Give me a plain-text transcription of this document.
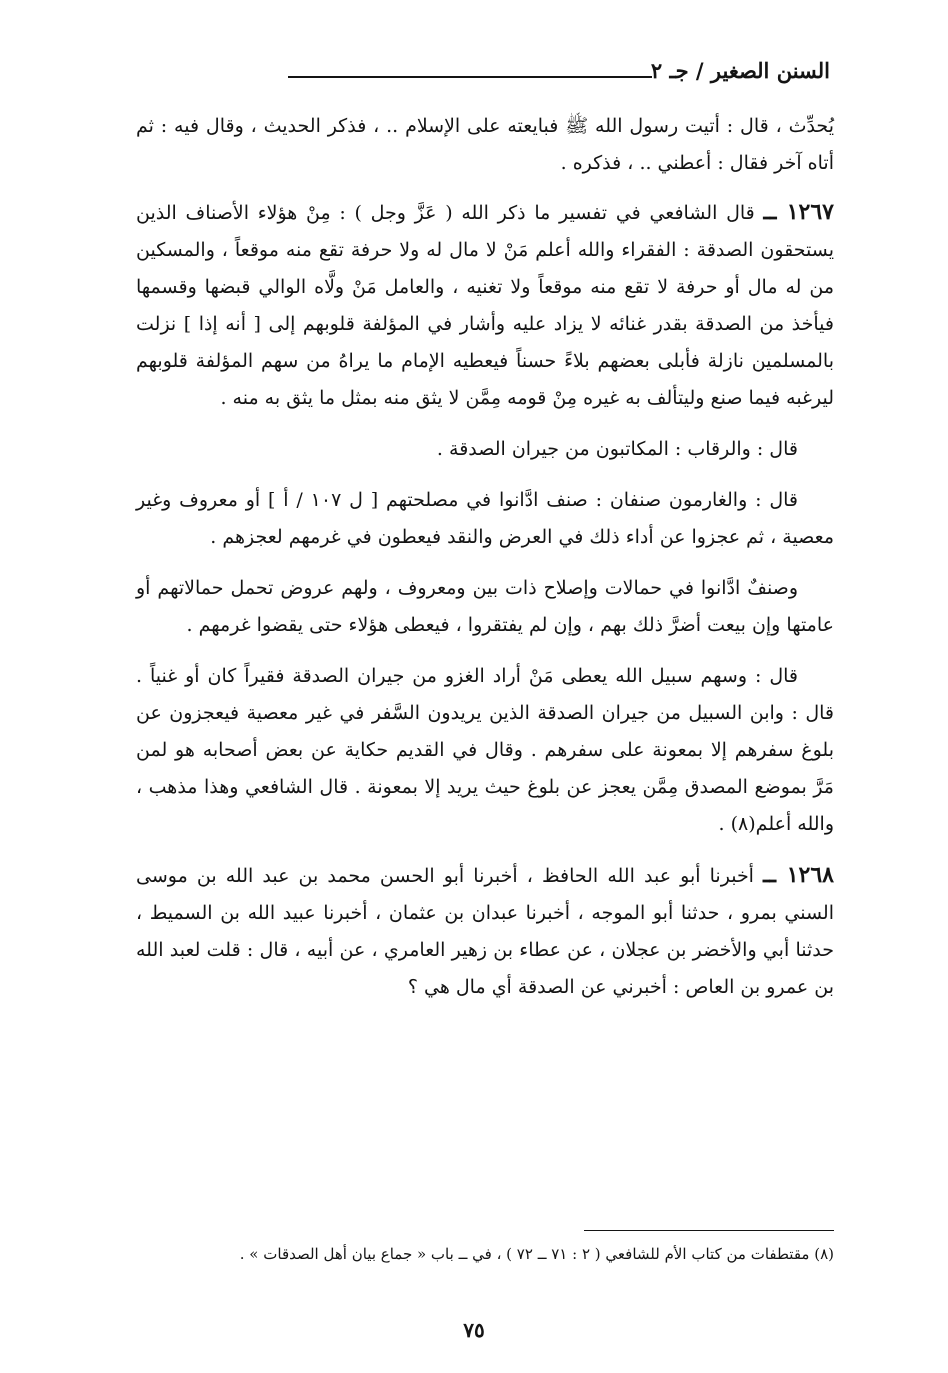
السنن الصغير / جـ ٢

يُحدِّث ، قال : أتيت رسول الله ﷺ فبايعته على الإسلام .. ، فذكر الحديث ، وقال فيه : ثم أتاه آخر فقال : أعطني .. ، فذكره .

١٢٦٧ ــ قال الشافعي في تفسير ما ذكر الله ( عَزَّ وجل ) : مِنْ هؤلاء الأصناف الذين يستحقون الصدقة : الفقراء والله أعلم مَنْ لا مال له ولا حرفة تقع منه موقعاً ، والمسكين من له مال أو حرفة لا تقع منه موقعاً ولا تغنيه ، والعامل مَنْ ولَّاه الوالي قبضها وقسمها فيأخذ من الصدقة بقدر غنائه لا يزاد عليه وأشار في المؤلفة قلوبهم إلى [ أنه إذا ] نزلت بالمسلمين نازلة فأبلى بعضهم بلاءً حسناً فيعطيه الإمام ما يراهُ من سهم المؤلفة قلوبهم ليرغبه فيما صنع وليتألف به غيره مِنْ قومه مِمَّن لا يثق منه بمثل ما يثق به منه .

قال : والرقاب : المكاتبون من جيران الصدقة .

قال : والغارمون صنفان : صنف ادَّانوا في مصلحتهم [ ل ١٠٧ / أ ] أو معروف وغير معصية ، ثم عجزوا عن أداء ذلك في العرض والنقد فيعطون في غرمهم لعجزهم .

وصنفٌ ادَّانوا في حمالات وإصلاح ذات بين ومعروف ، ولهم عروض تحمل حمالاتهم أو عامتها وإن بيعت أضرَّ ذلك بهم ، وإن لم يفتقروا ، فيعطى هؤلاء حتى يقضوا غرمهم .

قال : وسهم سبيل الله يعطى مَنْ أراد الغزو من جيران الصدقة فقيراً كان أو غنياً . قال : وابن السبيل من جيران الصدقة الذين يريدون السَّفر في غير معصية فيعجزون عن بلوغ سفرهم إلا بمعونة على سفرهم . وقال في القديم حكاية عن بعض أصحابه هو لمن مَرَّ بموضع المصدق مِمَّن يعجز عن بلوغ حيث يريد إلا بمعونة . قال الشافعي وهذا مذهب ، والله أعلم(٨) .

١٢٦٨ ــ أخبرنا أبو عبد الله الحافظ ، أخبرنا أبو الحسن محمد بن عبد الله بن موسى السني بمرو ، حدثنا أبو الموجه ، أخبرنا عبدان بن عثمان ، أخبرنا عبيد الله بن السميط ، حدثنا أبي والأخضر بن عجلان ، عن عطاء بن زهير العامري ، عن أبيه ، قال : قلت لعبد الله بن عمرو بن العاص : أخبرني عن الصدقة أي مال هي ؟

(٨) مقتطفات من كتاب الأم للشافعي ( ٢ : ٧١ ــ ٧٢ ) ، في ــ باب « جماع بيان أهل الصدقات » .
٧٥
